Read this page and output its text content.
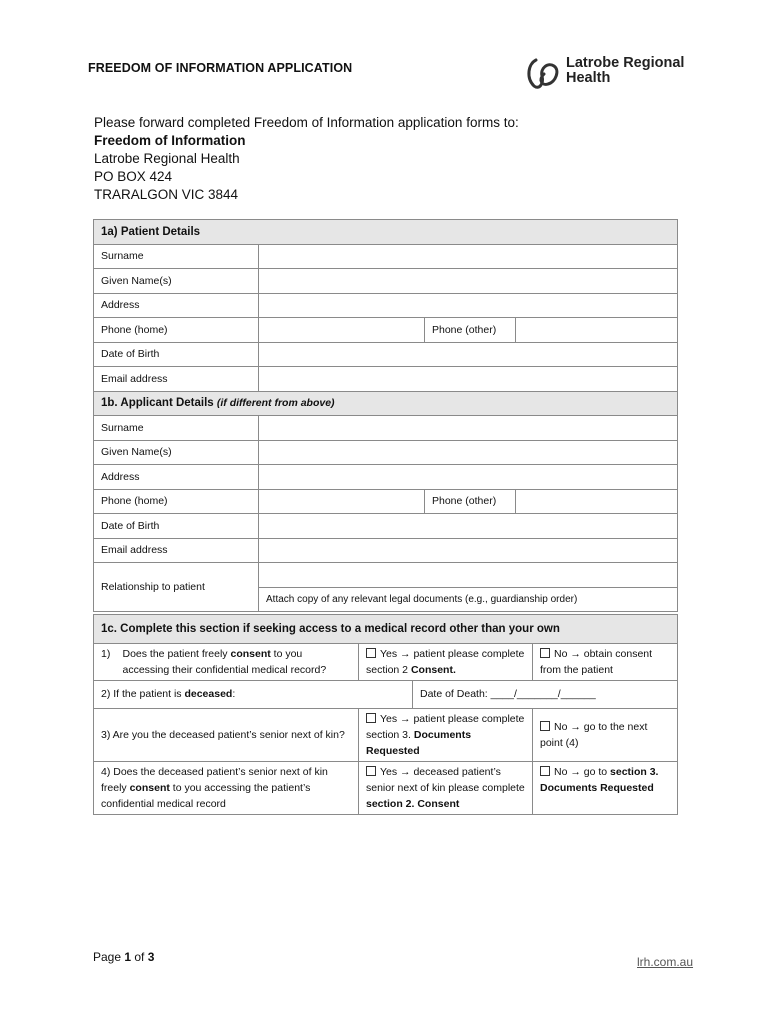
FREEDOM OF INFORMATION APPLICATION	Latrobe Regional
Health
Please forward completed Freedom of Information application forms to:
Freedom of Information
Latrobe Regional Health
PO BOX 424
TRARALGON VIC 3844
1a) Patient Details			
Surname			
Given Name(s)			
Address			
Phone (home)		Phone (other)	
Date of Birth			
Email address			
1b. Applicant Details (if different from above)			
Surname			
Given Name(s)			
Address			
Phone (home)		Phone (other)	
Date of Birth			
Email address			
Relationship to patient			
	Attach copy of any relevant legal documents (e.g., guardianship order)		
1c. Complete this section if seeking access to a medical record other than your own				
1)	Does the patient freely consent to you accessing their confidential medical record?	Yes → patient please complete section 2 Consent.		No → obtain consent from the patient
2) If the patient is deceased:			Date of Death: ____/_______/______	
3) Are you the deceased patient’s senior next of kin?		Yes → patient please complete section 3. Documents Requested		No → go to the next point (4)
4) Does the deceased patient’s senior next of kin freely consent to you accessing the patient’s confidential medical record		Yes → deceased patient’s senior next of kin please complete section 2. Consent		No → go to section 3. Documents Requested
Page 1 of 3	lrh.com.au
